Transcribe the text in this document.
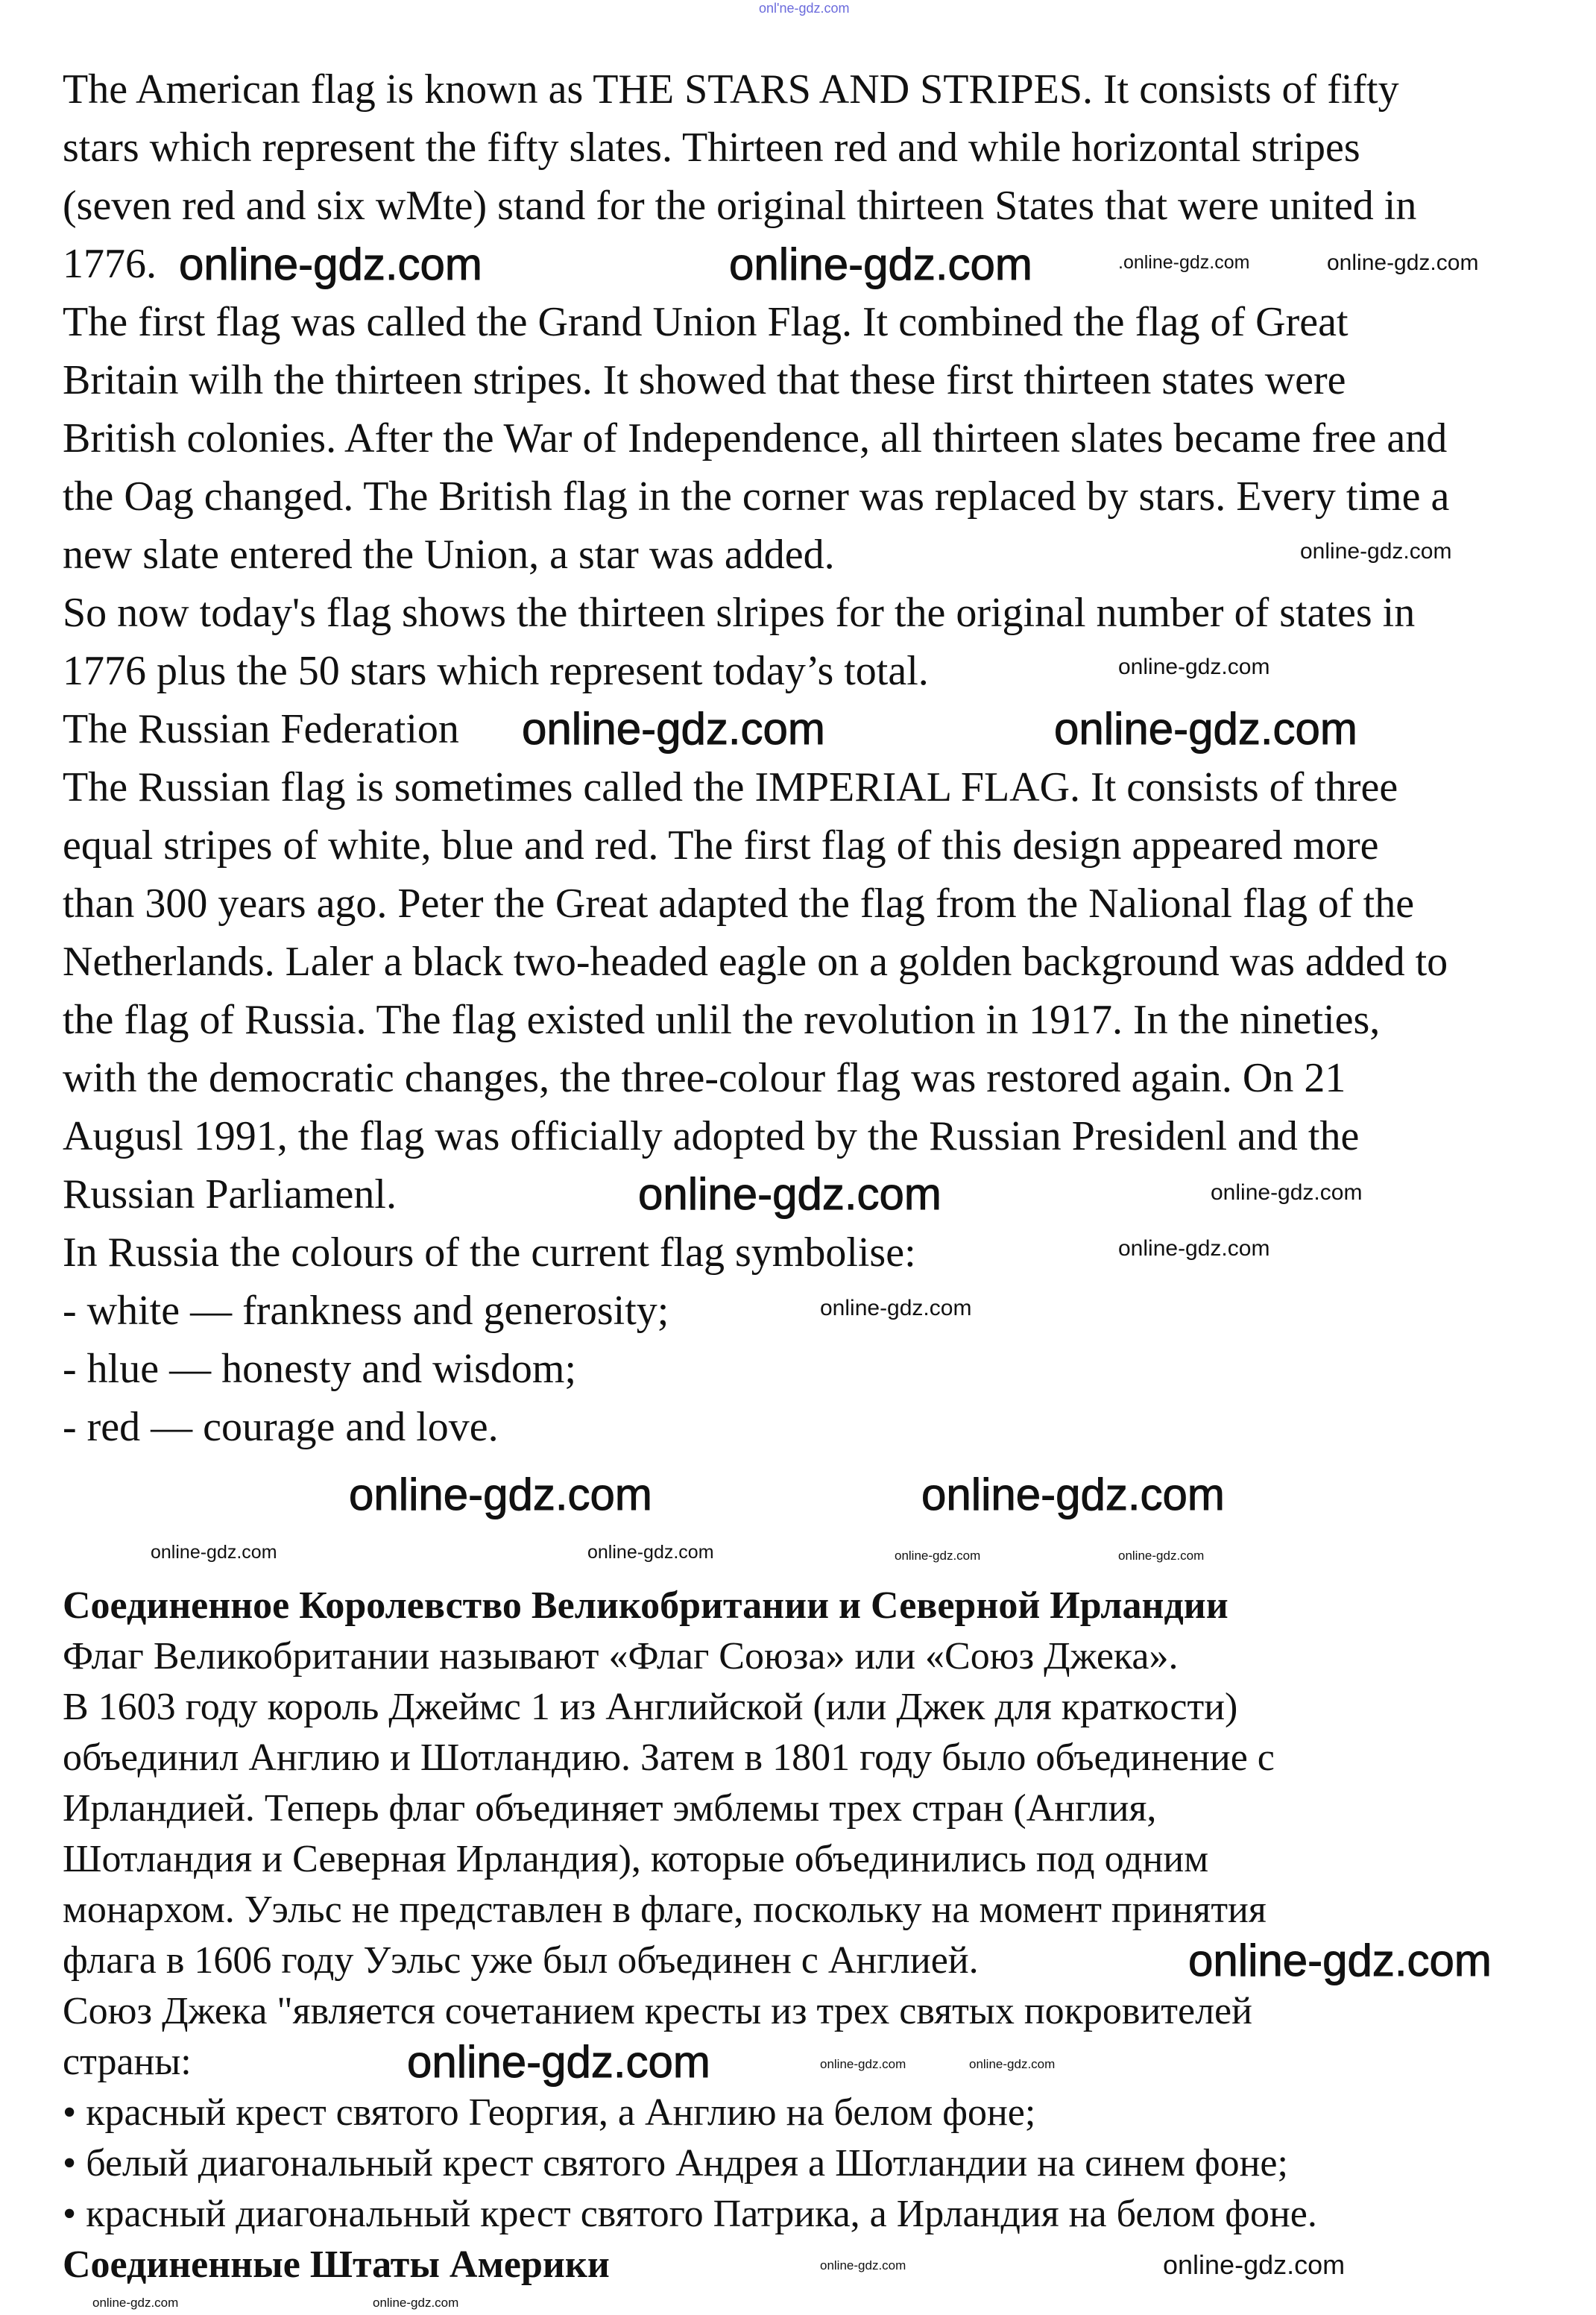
The American flag is known as THE STARS AND STRIPES. It consists of fifty
stars which represent the fifty slates. Thirteen red and while horizontal stripes
(seven red and six wMte) stand for the original thirteen States that were united in
1776.
The first flag was called the Grand Union Flag. It combined the flag of Great
Britain wilh the thirteen stripes. It showed that these first thirteen states were
British colonies. After the War of Independence, all thirteen slates became free and
the Oag changed. The British flag in the corner was replaced by stars. Every time a
new slate entered the Union, a star was added.
So now today's flag shows the thirteen slripes for the original number of states in
1776 plus the 50 stars which represent today’s total.
The Russian Federation
The Russian flag is sometimes called the IMPERIAL FLAG. It consists of three
equal stripes of white, blue and red. The first flag of this design appeared more
than 300 years ago. Peter the Great adapted the flag from the Nalional flag of the
Netherlands. Laler a black two-headed eagle on a golden background was added to
the flag of Russia. The flag existed unlil the revolution in 1917. In the nineties,
with the democratic changes, the three-colour flag was restored again. On 21
Augusl 1991, the flag was officially adopted by the Russian Presidenl and the
Russian Parliamenl.
In Russia the colours of the current flag symbolise:
- white — frankness and generosity;
- hlue — honesty and wisdom;
- red — courage and love.
Соединенное Королевство Великобритании и Северной Ирландии
Флаг Великобритании называют «Флаг Союза» или «Союз Джека».
В 1603 году король Джеймс 1 из Английской (или Джек для краткости)
объединил Англию и Шотландию. Затем в 1801 году было объединение с
Ирландией. Теперь флаг объединяет эмблемы трех стран (Англия,
Шотландия и Северная Ирландия), которые объединились под одним
монархом. Уэльс не представлен в флаге, поскольку на момент принятия
флага в 1606 году Уэльс уже был объединен с Англией.
Союз Джека "является сочетанием кресты из трех святых покровителей
страны:
• красный крест святого Георгия, а Англию на белом фоне;
• белый диагональный крест святого Андрея а Шотландии на синем фоне;
• красный диагональный крест святого Патрика, а Ирландия на белом фоне.
Соединенные Штаты Америки
onl'ne-gdz.com
online-gdz.com	online-gdz.com	.online-gdz.com	online-gdz.com
online-gdz.com
online-gdz.com
online-gdz.com	online-gdz.com
online-gdz.com	online-gdz.com
online-gdz.com
online-gdz.com
online-gdz.com	online-gdz.com
online-gdz.com	online-gdz.com	online-gdz.com	online-gdz.com
online-gdz.com
online-gdz.com	online-gdz.com	online-gdz.com
online-gdz.com
online-gdz.com
online-gdz.com	online-gdz.com
